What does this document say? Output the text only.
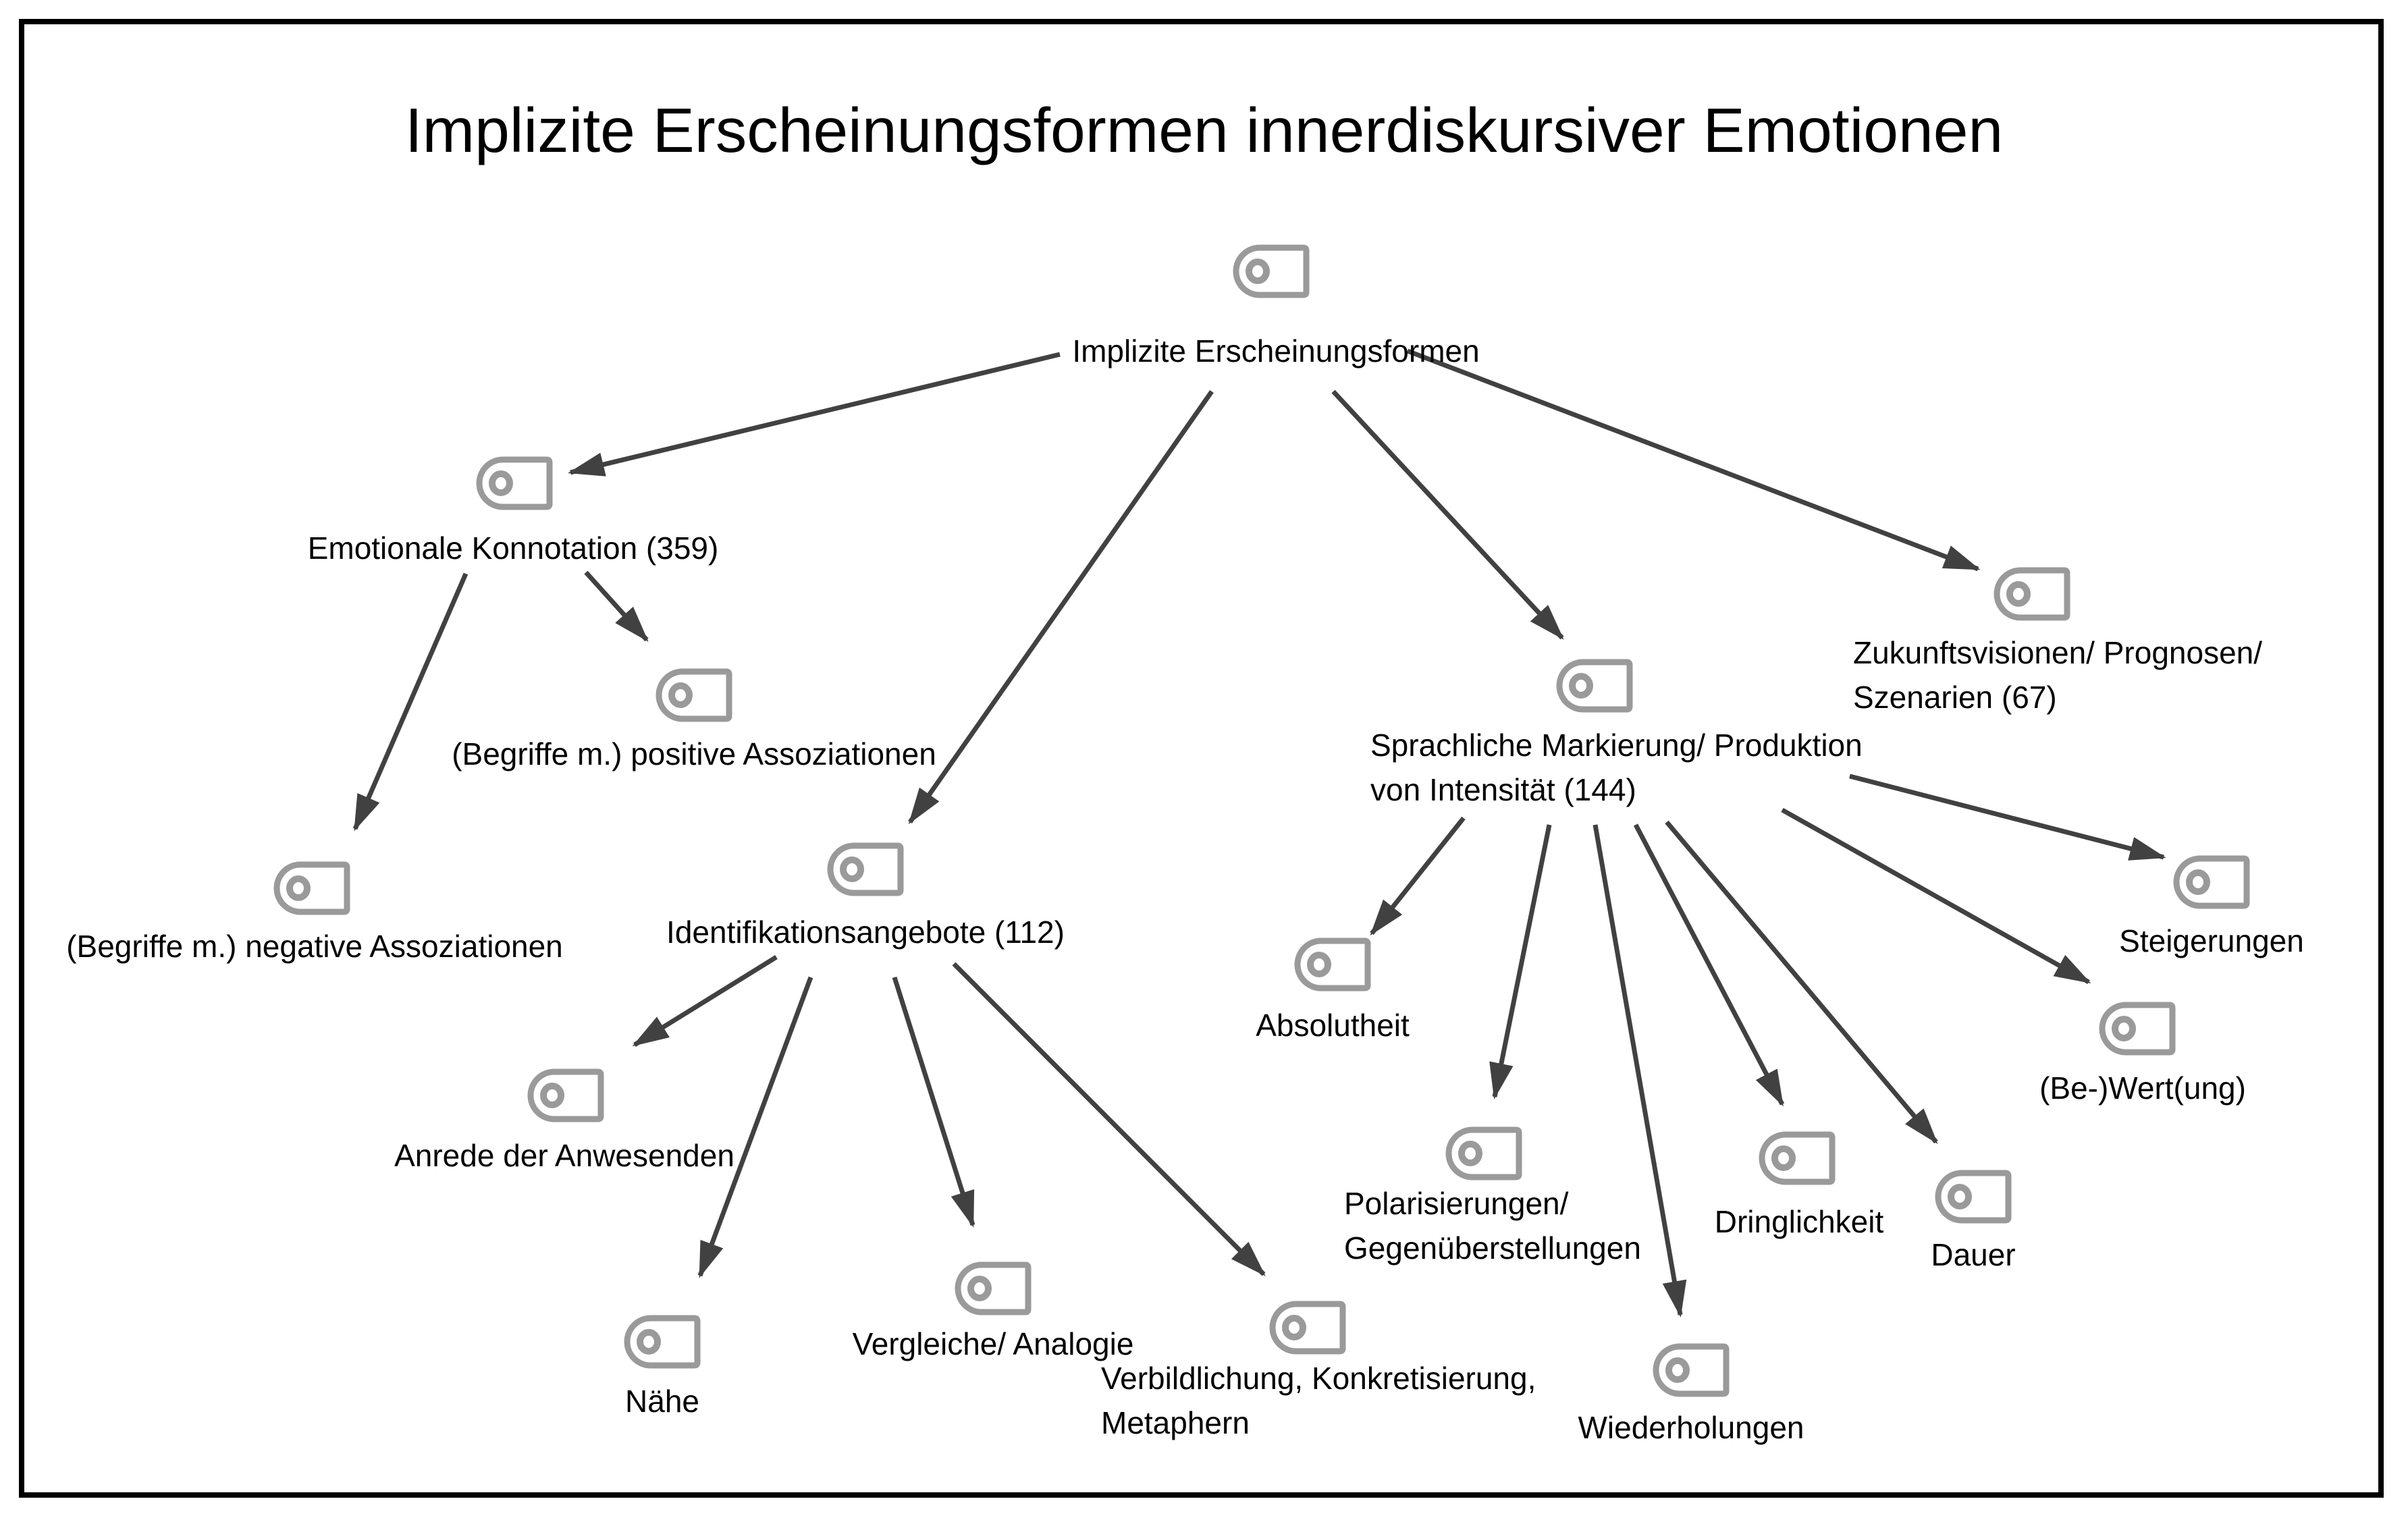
Implizite Erscheinungsformen innerdiskursiver Emotionen
Implizite Erscheinungsformen
Emotionale Konnotation (359)
(Begriffe m.) positive Assoziationen
(Begriffe m.) negative Assoziationen	Identifikationsangebote (112)
Anrede der Anwesenden
Nähe
Vergleiche/ Analogie
Verbildlichung, Konkretisierung,
Metaphern
Sprachliche Markierung/ Produktion
von Intensität (144)
Absolutheit
Polarisierungen/
Gegenüberstellungen
Wiederholungen
Dringlichkeit
Dauer
(Be-)Wert(ung)
Steigerungen
Zukunftsvisionen/ Prognosen/
Szenarien (67)
